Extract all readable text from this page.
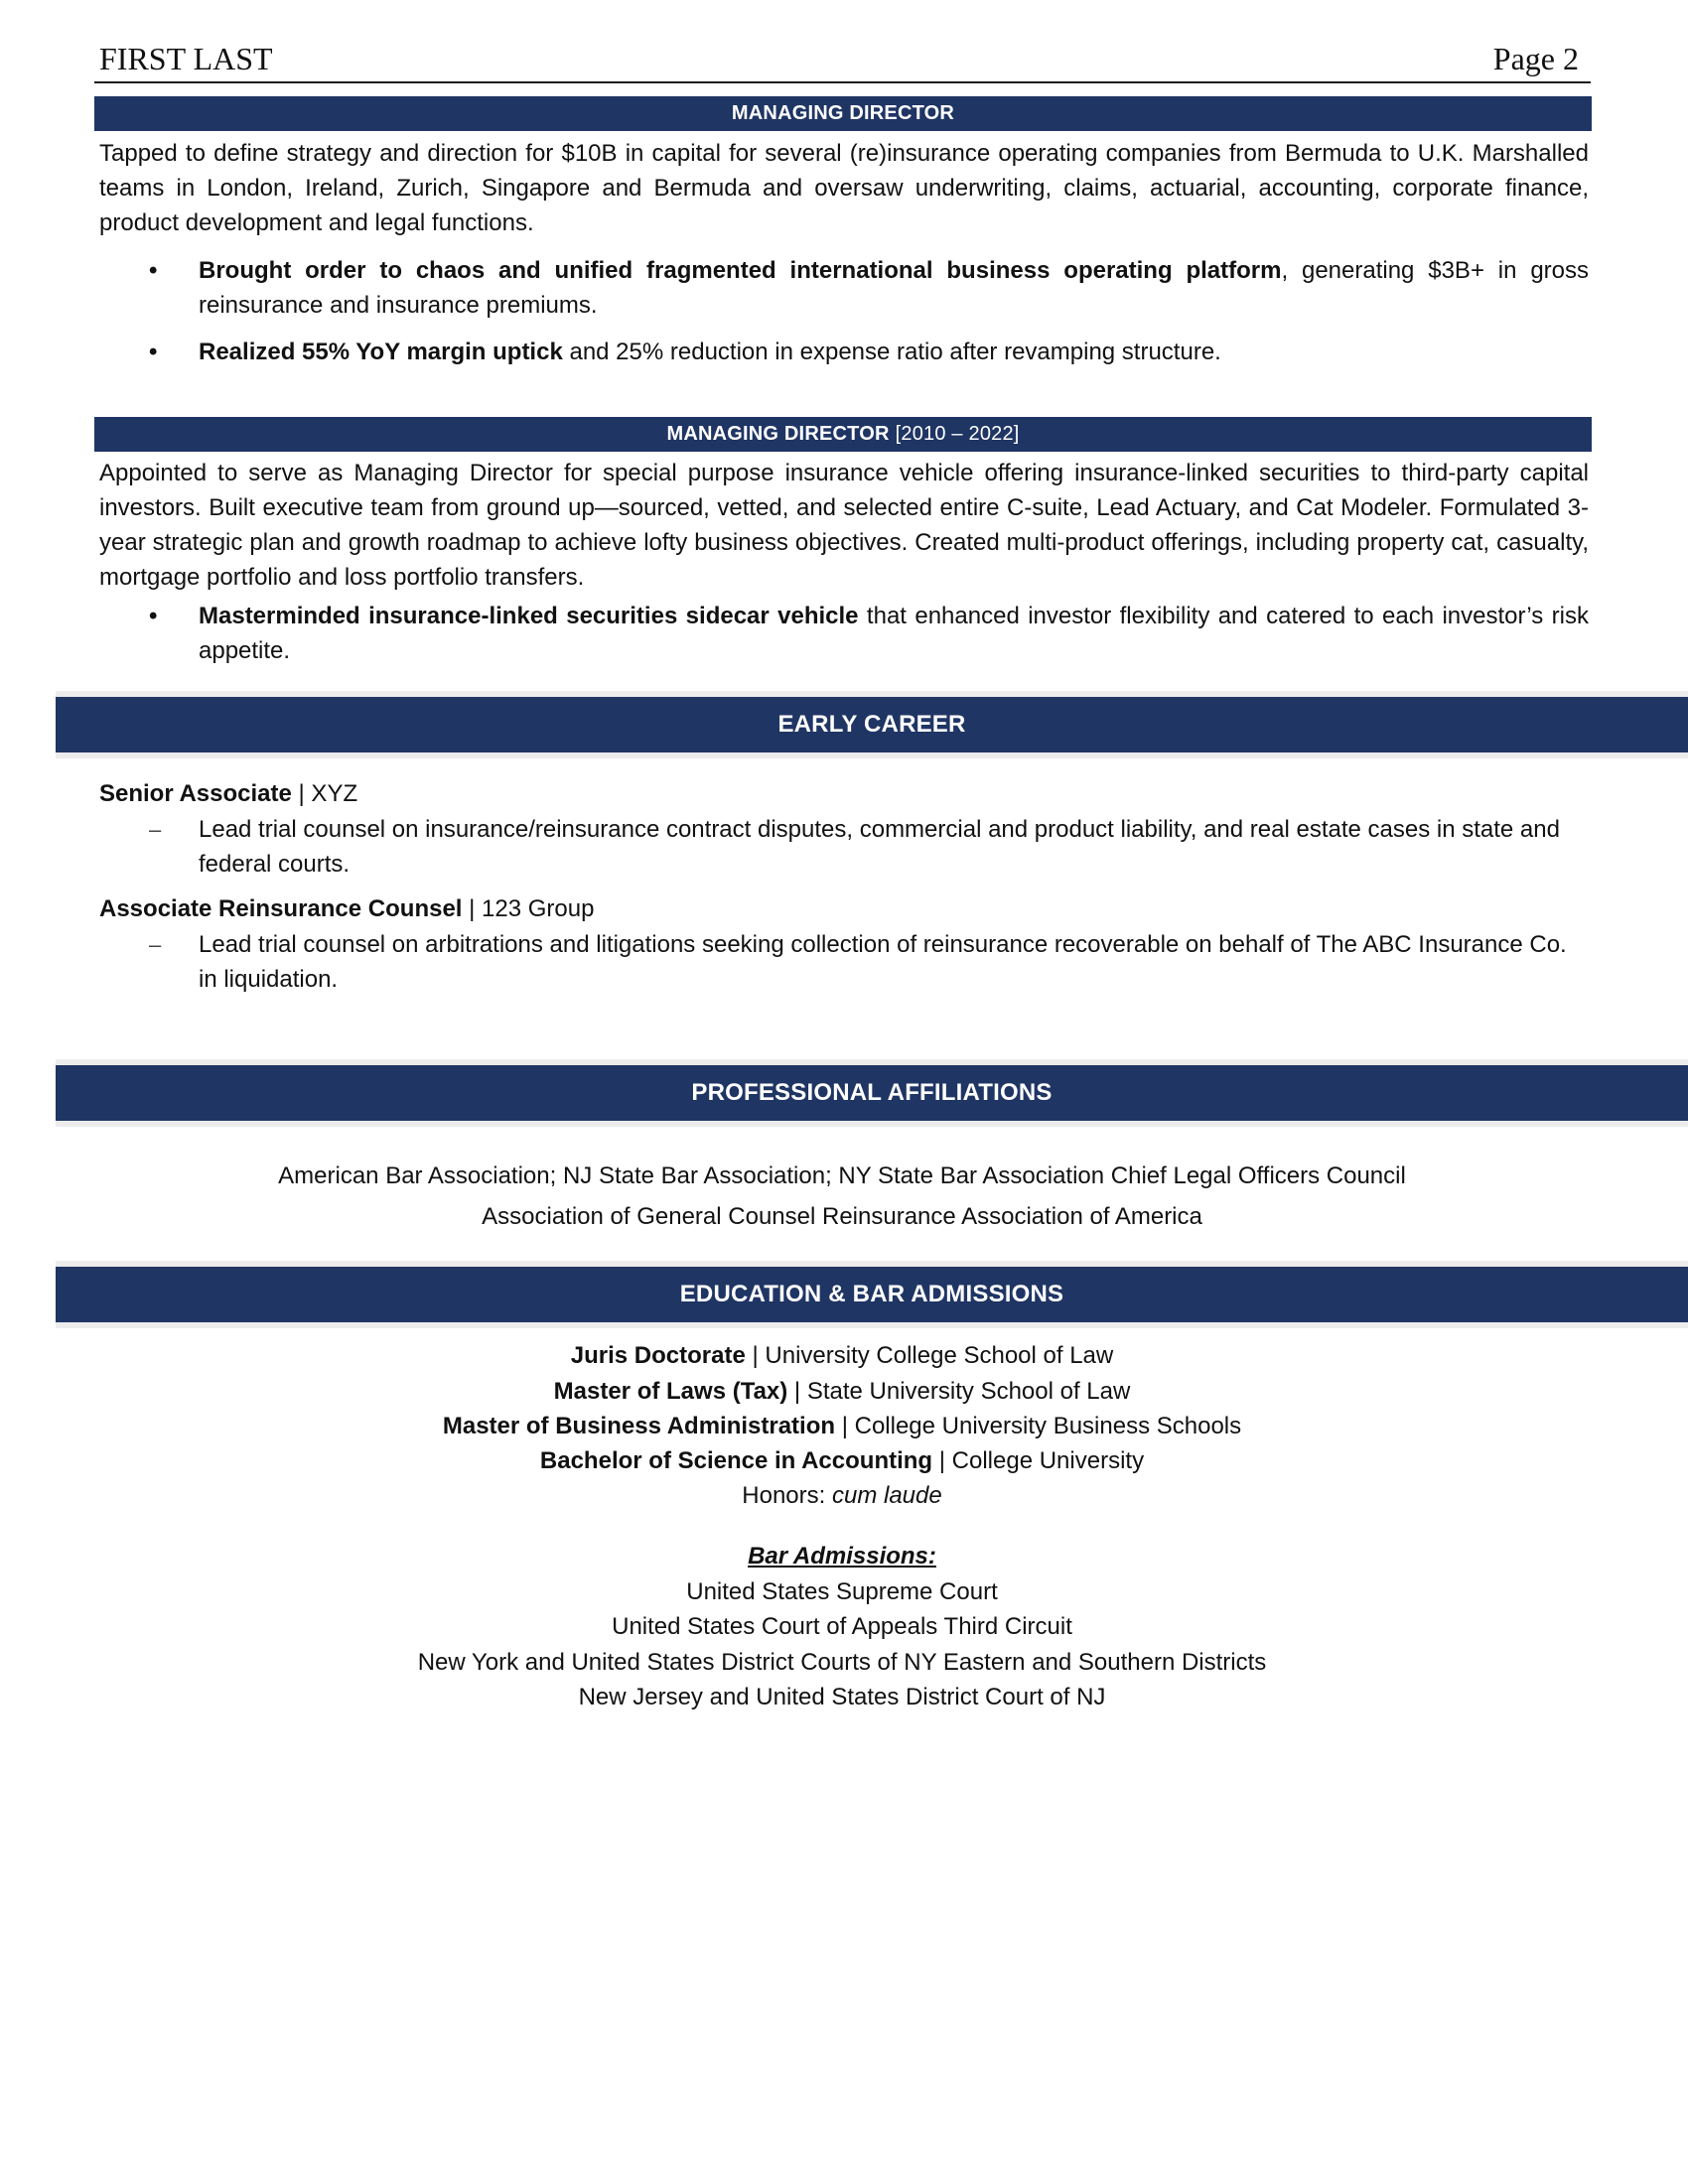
FIRST LAST	Page 2
MANAGING DIRECTOR
Tapped to define strategy and direction for $10B in capital for several (re)insurance operating companies from Bermuda to U.K. Marshalled teams in London, Ireland, Zurich, Singapore and Bermuda and oversaw underwriting, claims, actuarial, accounting, corporate finance, product development and legal functions.
• Brought order to chaos and unified fragmented international business operating platform, generating $3B+ in gross reinsurance and insurance premiums.
• Realized 55% YoY margin uptick and 25% reduction in expense ratio after revamping structure.
MANAGING DIRECTOR [2010 – 2022]
Appointed to serve as Managing Director for special purpose insurance vehicle offering insurance-linked securities to third-party capital investors. Built executive team from ground up—sourced, vetted, and selected entire C-suite, Lead Actuary, and Cat Modeler. Formulated 3-year strategic plan and growth roadmap to achieve lofty business objectives. Created multi-product offerings, including property cat, casualty, mortgage portfolio and loss portfolio transfers.
• Masterminded insurance-linked securities sidecar vehicle that enhanced investor flexibility and catered to each investor’s risk appetite.
EARLY CAREER
Senior Associate | XYZ
– Lead trial counsel on insurance/reinsurance contract disputes, commercial and product liability, and real estate cases in state and federal courts.
Associate Reinsurance Counsel | 123 Group
– Lead trial counsel on arbitrations and litigations seeking collection of reinsurance recoverable on behalf of The ABC Insurance Co. in liquidation.
PROFESSIONAL AFFILIATIONS
American Bar Association; NJ State Bar Association; NY State Bar Association Chief Legal Officers Council
Association of General Counsel Reinsurance Association of America
EDUCATION & BAR ADMISSIONS
Juris Doctorate | University College School of Law
Master of Laws (Tax) | State University School of Law
Master of Business Administration | College University Business Schools
Bachelor of Science in Accounting | College University
Honors: cum laude
Bar Admissions:
United States Supreme Court
United States Court of Appeals Third Circuit
New York and United States District Courts of NY Eastern and Southern Districts
New Jersey and United States District Court of NJ
